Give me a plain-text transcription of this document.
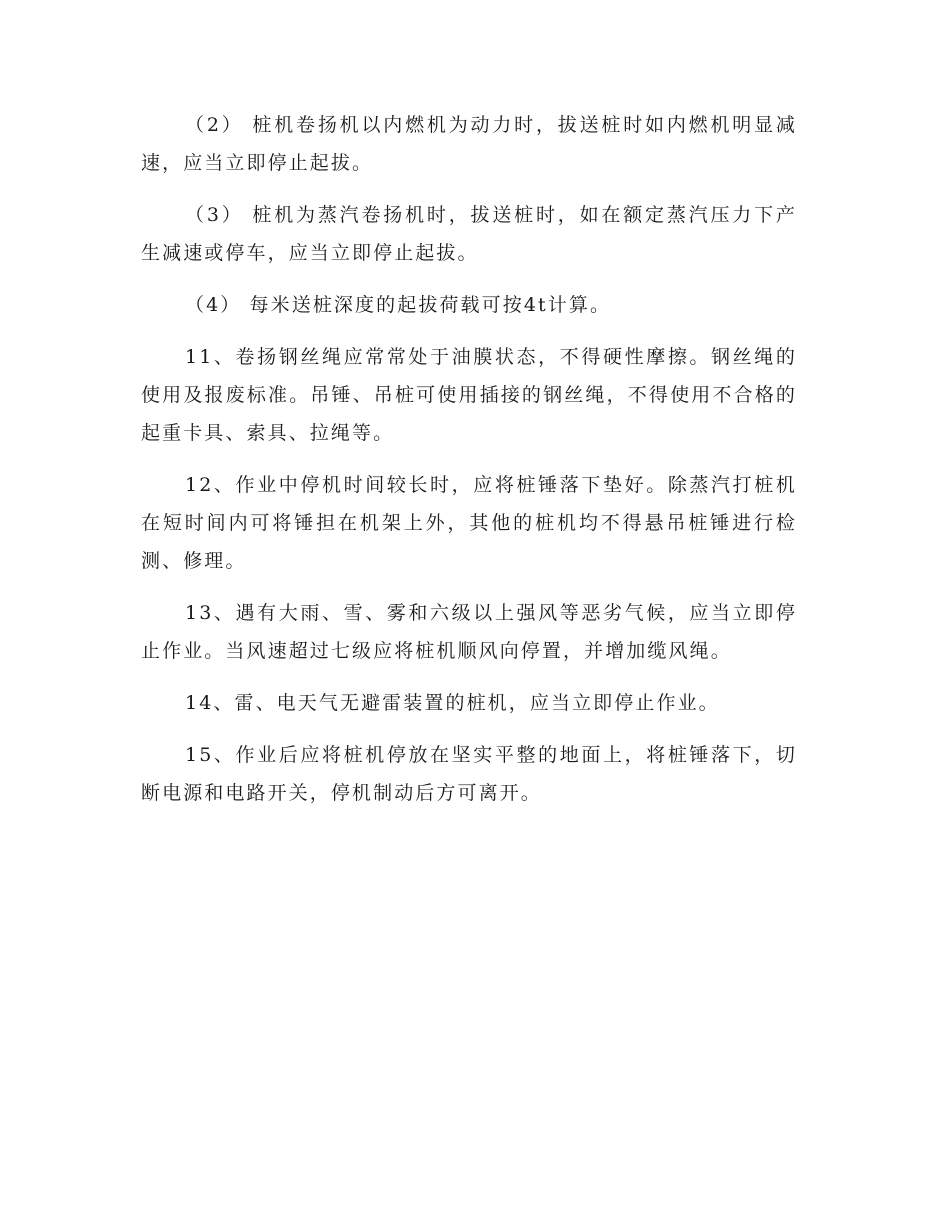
（2） 桩机卷扬机以内燃机为动力时，拔送桩时如内燃机明显减速，应当立即停止起拔。

（3） 桩机为蒸汽卷扬机时，拔送桩时，如在额定蒸汽压力下产生减速或停车，应当立即停止起拔。

（4） 每米送桩深度的起拔荷载可按4t计算。

11、卷扬钢丝绳应常常处于油膜状态，不得硬性摩擦。钢丝绳的使用及报废标准。吊锤、吊桩可使用插接的钢丝绳，不得使用不合格的起重卡具、索具、拉绳等。

12、作业中停机时间较长时，应将桩锤落下垫好。除蒸汽打桩机在短时间内可将锤担在机架上外，其他的桩机均不得悬吊桩锤进行检测、修理。

13、遇有大雨、雪、雾和六级以上强风等恶劣气候，应当立即停止作业。当风速超过七级应将桩机顺风向停置，并增加缆风绳。

14、雷、电天气无避雷装置的桩机，应当立即停止作业。

15、作业后应将桩机停放在坚实平整的地面上，将桩锤落下，切断电源和电路开关，停机制动后方可离开。
